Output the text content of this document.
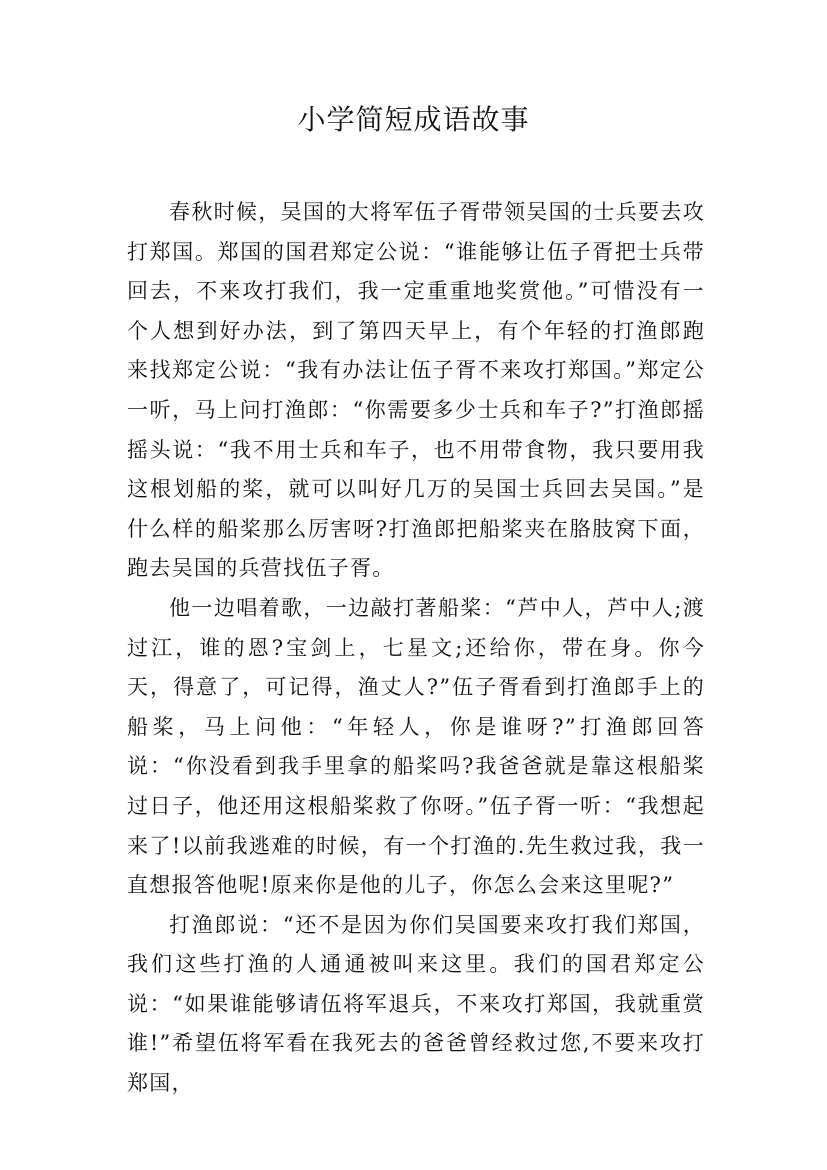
小学简短成语故事

春秋时候，吴国的大将军伍子胥带领吴国的士兵要去攻打郑国。郑国的国君郑定公说：“谁能够让伍子胥把士兵带回去，不来攻打我们，我一定重重地奖赏他。”可惜没有一个人想到好办法，到了第四天早上，有个年轻的打渔郎跑来找郑定公说：“我有办法让伍子胥不来攻打郑国。”郑定公一听，马上问打渔郎：“你需要多少士兵和车子?”打渔郎摇摇头说：“我不用士兵和车子，也不用带食物，我只要用我这根划船的桨，就可以叫好几万的吴国士兵回去吴国。”是什么样的船桨那么厉害呀?打渔郎把船桨夹在胳肢窝下面，跑去吴国的兵营找伍子胥。

他一边唱着歌，一边敲打著船桨：“芦中人，芦中人;渡过江，谁的恩?宝剑上，七星文;还给你，带在身。你今天，得意了，可记得，渔丈人?”伍子胥看到打渔郎手上的船桨，马上问他：“年轻人，你是谁呀?”打渔郎回答说：“你没看到我手里拿的船桨吗?我爸爸就是靠这根船桨过日子，他还用这根船桨救了你呀。”伍子胥一听：“我想起来了!以前我逃难的时候，有一个打渔的.先生救过我，我一直想报答他呢!原来你是他的儿子，你怎么会来这里呢?”

打渔郎说：“还不是因为你们吴国要来攻打我们郑国，我们这些打渔的人通通被叫来这里。我们的国君郑定公说：“如果谁能够请伍将军退兵，不来攻打郑国，我就重赏谁!”希望伍将军看在我死去的爸爸曾经救过您,不要来攻打郑国，
